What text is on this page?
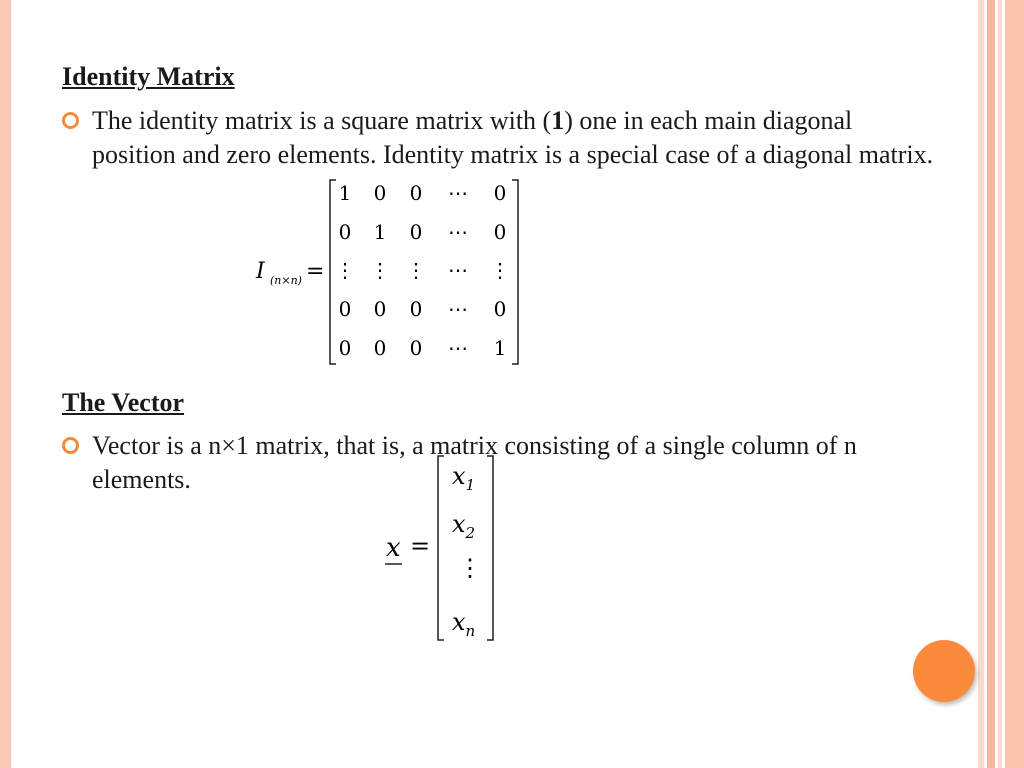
Identity Matrix
The identity matrix is a square matrix with (1) one in each main diagonal position and zero elements. Identity matrix is a special case of a diagonal matrix.
I (n×n) =
1 0 0 ⋯ 0
0 1 0 ⋯ 0
⋮ ⋮ ⋮ ⋯ ⋮
0 0 0 ⋯ 0
0 0 0 ⋯ 1
The Vector
Vector is a n×1 matrix, that is, a matrix consisting of a single column of n elements.
x =
$x_1$
$x_2$
⋮
$x_n$
